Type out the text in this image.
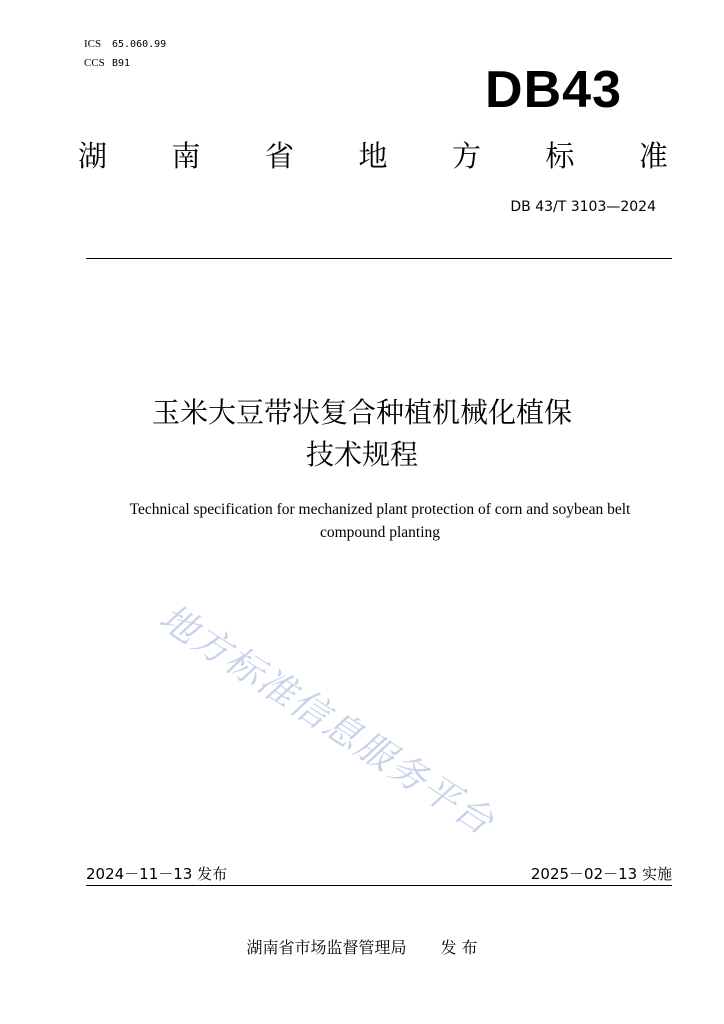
ICS 65.060.99
CCS B91	DB43
湖 南 省 地 方 标 准
DB 43/T 3103—2024
玉米大豆带状复合种植机械化植保
技术规程
Technical specification for mechanized plant protection of corn and soybean belt
compound planting
地方标准信息服务平台
2024－11－13 发布	2025－02－13 实施
湖南省市场监督管理局 发 布
